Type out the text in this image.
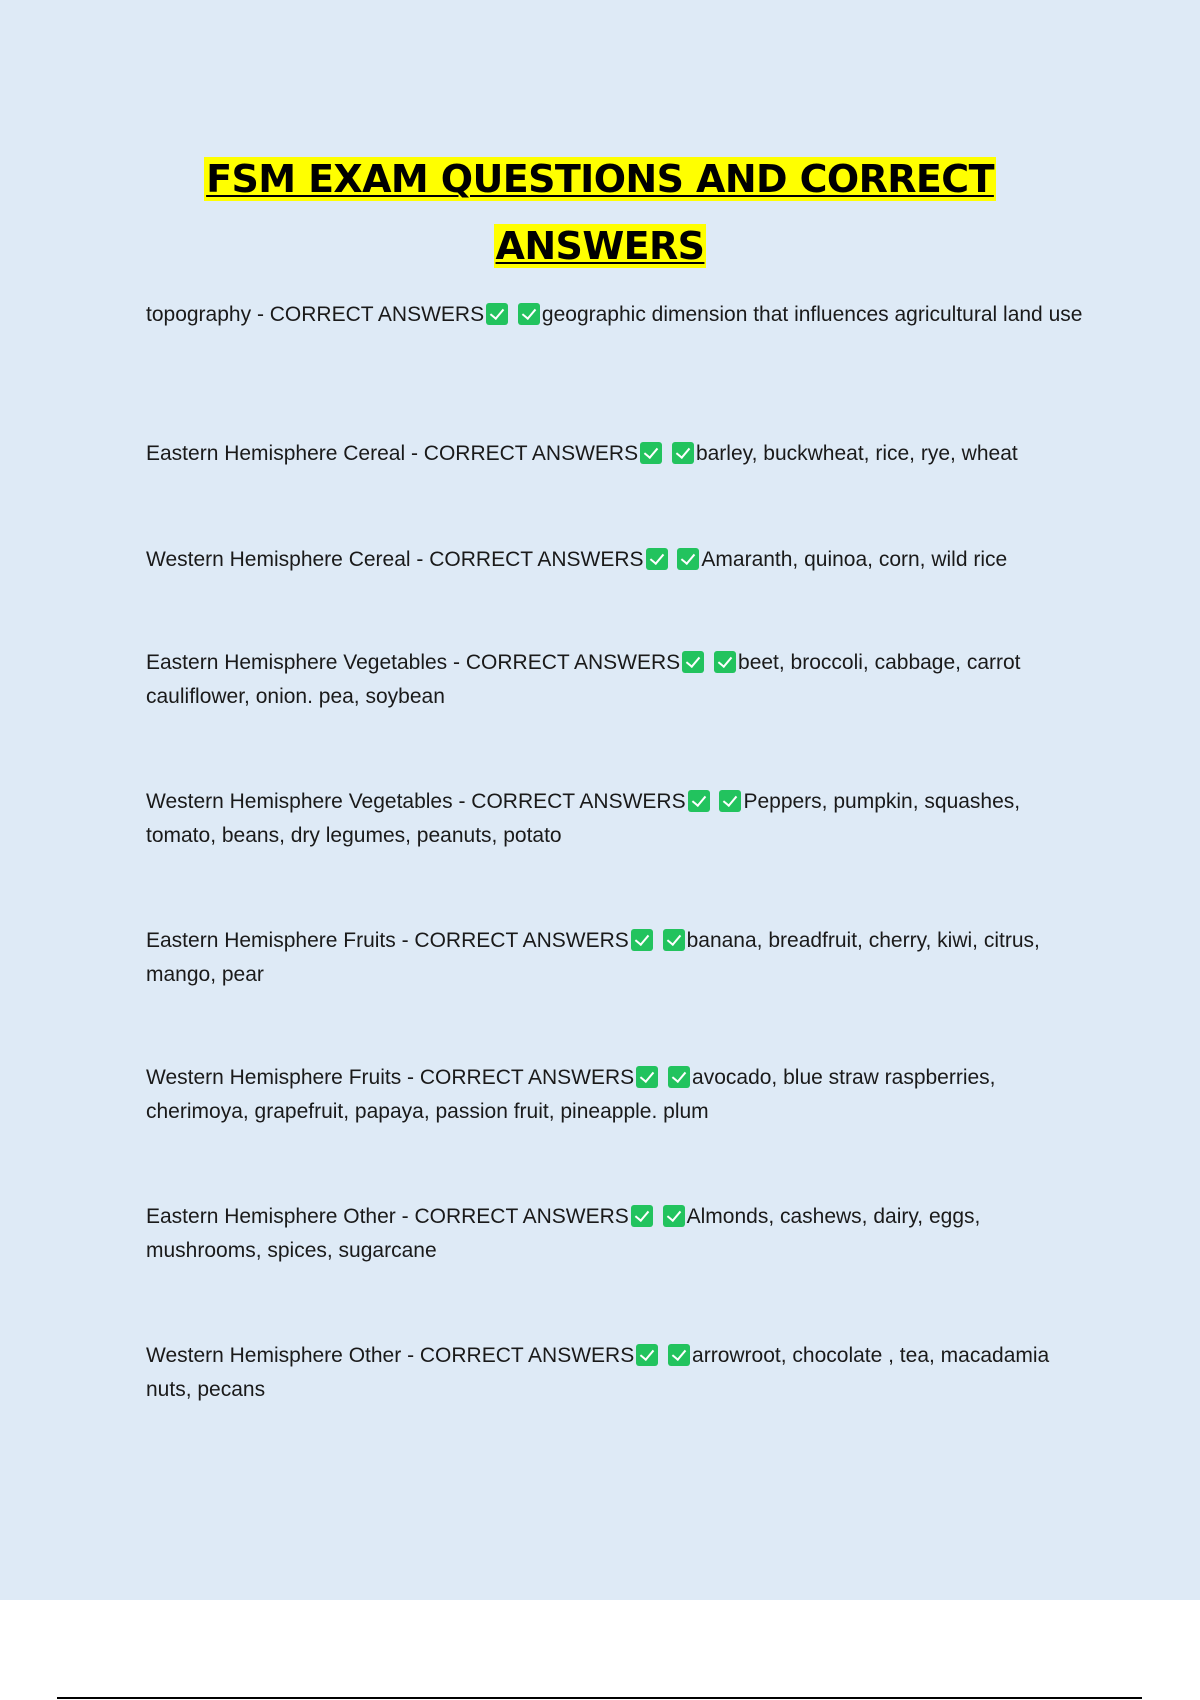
FSM EXAM QUESTIONS AND CORRECT ANSWERS
topography - CORRECT ANSWERS	geographic dimension that influences agricultural land use
Eastern Hemisphere Cereal - CORRECT ANSWERS	barley, buckwheat, rice, rye, wheat
Western Hemisphere Cereal - CORRECT ANSWERS	Amaranth, quinoa, corn, wild rice
Eastern Hemisphere Vegetables - CORRECT ANSWERS	beet, broccoli, cabbage, carrot cauliflower, onion. pea, soybean
Western Hemisphere Vegetables - CORRECT ANSWERS	Peppers, pumpkin, squashes, tomato, beans, dry legumes, peanuts, potato
Eastern Hemisphere Fruits - CORRECT ANSWERS	banana, breadfruit, cherry, kiwi, citrus, mango, pear
Western Hemisphere Fruits - CORRECT ANSWERS	avocado, blue straw raspberries, cherimoya, grapefruit, papaya, passion fruit, pineapple. plum
Eastern Hemisphere Other - CORRECT ANSWERS	Almonds, cashews, dairy, eggs, mushrooms, spices, sugarcane
Western Hemisphere Other - CORRECT ANSWERS	arrowroot, chocolate , tea, macadamia nuts, pecans
